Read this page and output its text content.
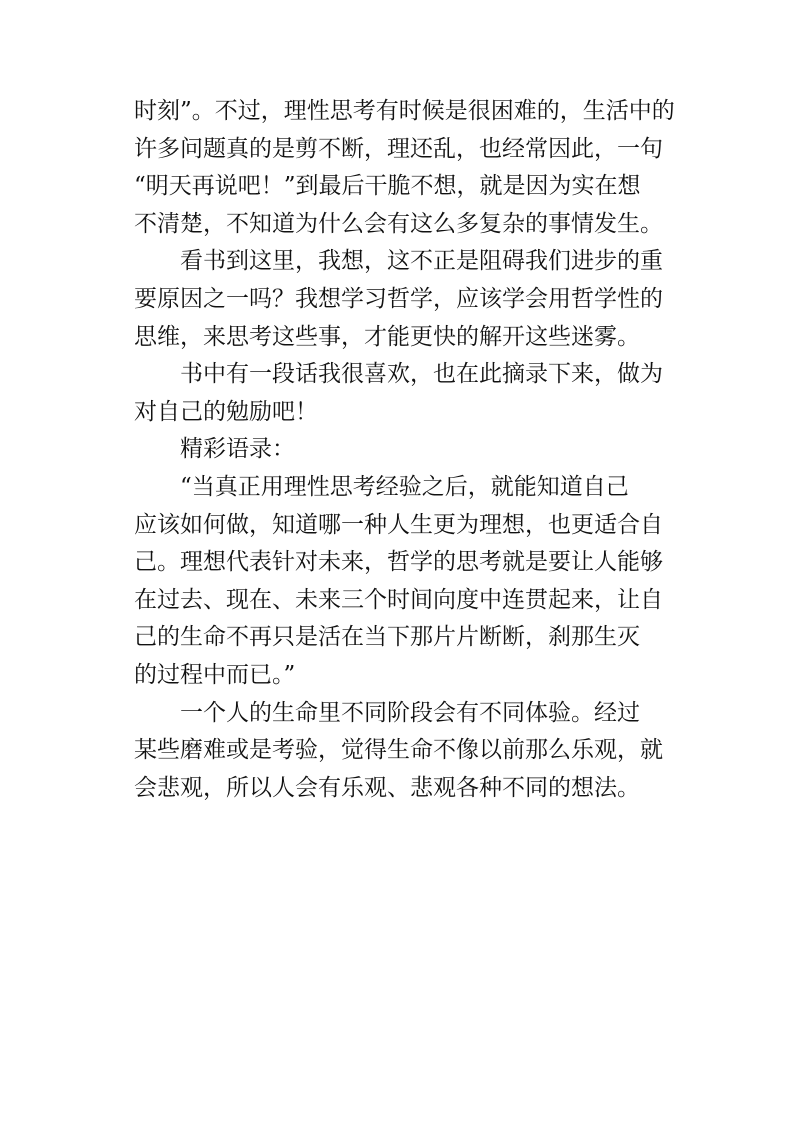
时刻”。不过，理性思考有时候是很困难的，生活中的
许多问题真的是剪不断，理还乱，也经常因此，一句
“明天再说吧！”到最后干脆不想，就是因为实在想
不清楚，不知道为什么会有这么多复杂的事情发生。
看书到这里，我想，这不正是阻碍我们进步的重
要原因之一吗？我想学习哲学，应该学会用哲学性的
思维，来思考这些事，才能更快的解开这些迷雾。
书中有一段话我很喜欢，也在此摘录下来，做为
对自己的勉励吧！
精彩语录：
“当真正用理性思考经验之后，就能知道自己
应该如何做，知道哪一种人生更为理想，也更适合自
己。理想代表针对未来，哲学的思考就是要让人能够
在过去、现在、未来三个时间向度中连贯起来，让自
己的生命不再只是活在当下那片片断断，刹那生灭
的过程中而已。”
一个人的生命里不同阶段会有不同体验。经过
某些磨难或是考验，觉得生命不像以前那么乐观，就
会悲观，所以人会有乐观、悲观各种不同的想法。
